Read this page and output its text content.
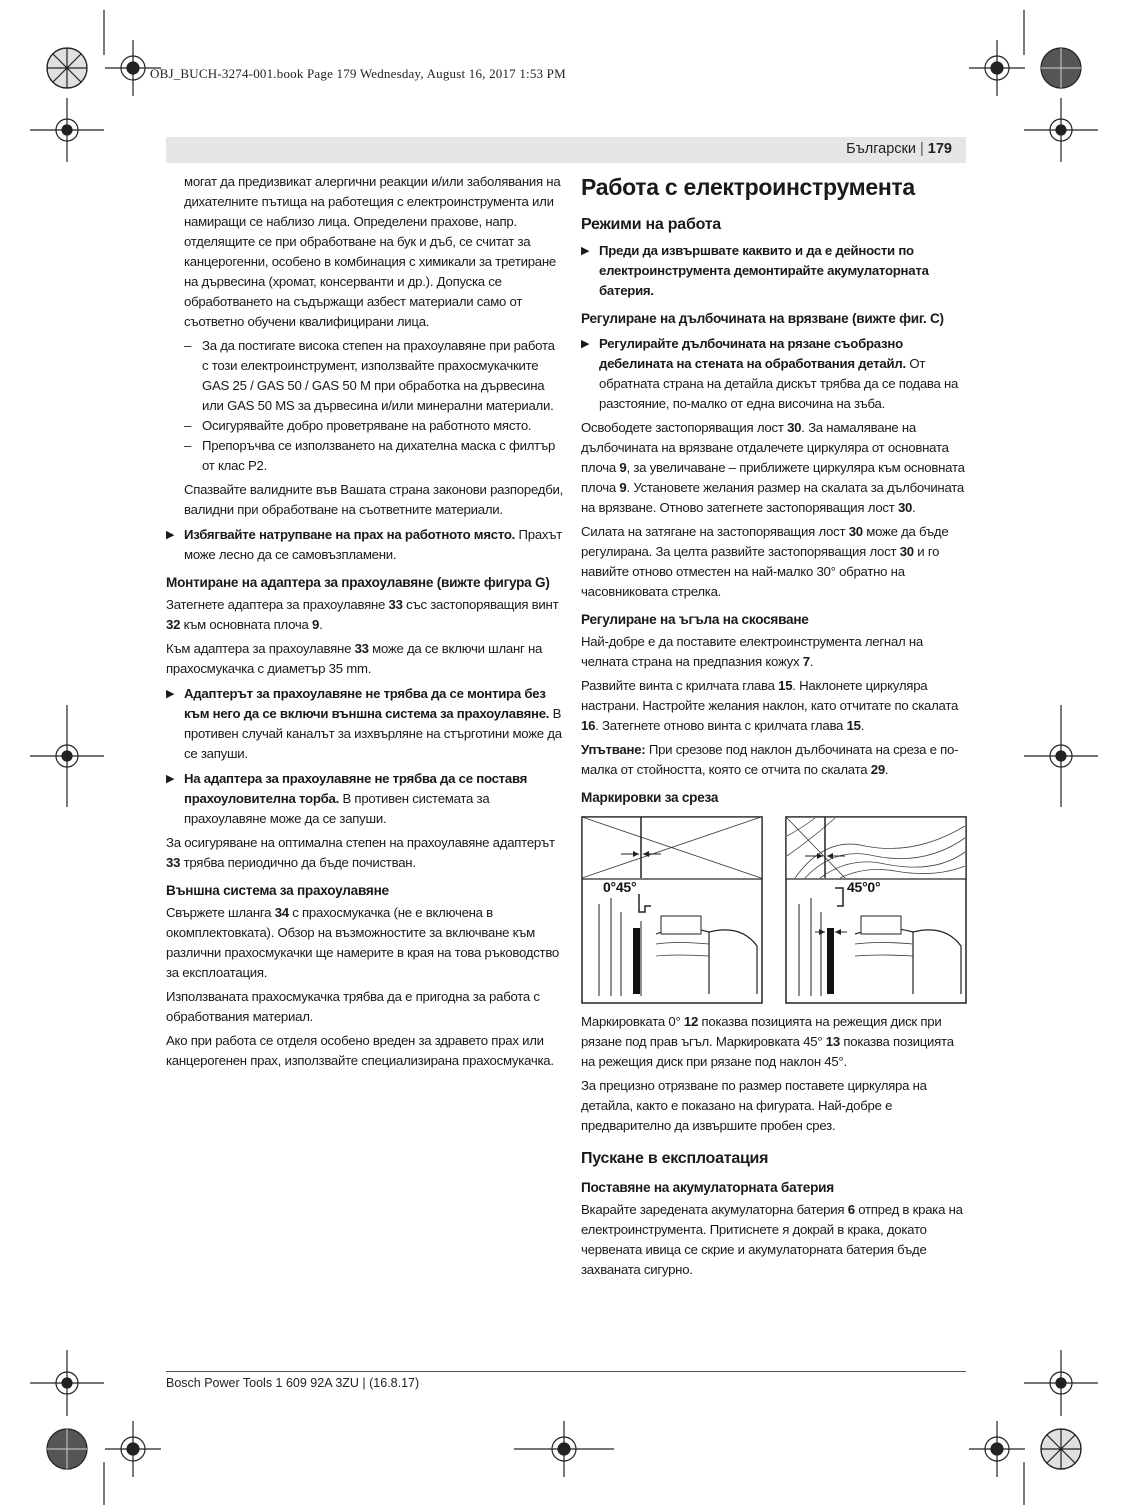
OBJ_BUCH-3274-001.book Page 179 Wednesday, August 16, 2017 1:53 PM
Български | 179

могат да предизвикат алергични реакции и/или заболявания на дихателните пътища на работещия с електроинструмента или намиращи се наблизо лица. Определени прахове, напр. отделящите се при обработване на бук и дъб, се считат за канцерогенни, особено в комбинация с химикали за третиране на дървесина (хромат, консерванти и др.). Допуска се обработването на съдържащи азбест материали само от съответно обучени квалифицирани лица.

– За да постигате висока степен на прахоулавяне при работа с този електроинструмент, използвайте прахосмукачките GAS 25 / GAS 50 / GAS 50 M при обработка на дървесина или GAS 50 MS за дървесина и/или минерални материали.
– Осигурявайте добро проветряване на работното място.
– Препоръчва се използването на дихателна маска с филтър от клас Р2.

Спазвайте валидните във Вашата страна законови разпоредби, валидни при обработване на съответните материали.

▶ Избягвайте натрупване на прах на работното място. Прахът може лесно да се самовъзпламени.
Монтиране на адаптера за прахоулавяне (вижте фигура G)

Затегнете адаптера за прахоулавяне 33 със застопоряващия винт 32 към основната плоча 9.

Към адаптера за прахоулавяне 33 може да се включи шланг на прахосмукачка с диаметър 35 mm.

▶ Адаптерът за прахоулавяне не трябва да се монтира без към него да се включи външна система за прахоулавяне. В противен случай каналът за изхвърляне на стърготини може да се запуши.
▶ На адаптера за прахоулавяне не трябва да се поставя прахоуловителна торба. В противен системата за прахоулавяне може да се запуши.

За осигуряване на оптимална степен на прахоулавяне адаптерът 33 трябва периодично да бъде почистван.

Външна система за прахоулавяне

Свържете шланга 34 с прахосмукачка (не е включена в окомплектовката). Обзор на възможностите за включване към различни прахосмукачки ще намерите в края на това ръководство за експлоатация.

Използваната прахосмукачка трябва да е пригодна за работа с обработвания материал.

Ако при работа се отделя особено вреден за здравето прах или канцерогенен прах, използвайте специализирана прахосмукачка.

Работа с електроинструмента
Режими на работа
▶ Преди да извършвате каквито и да е дейности по електроинструмента демонтирайте акумулаторната батерия.
Регулиране на дълбочината на врязване (вижте фиг. С)
▶ Регулирайте дълбочината на рязане съобразно дебелината на стената на обработвания детайл. От обратната страна на детайла дискът трябва да се подава на разстояние, по-малко от една височина на зъба.

Освободете застопоряващия лост 30. За намаляване на дълбочината на врязване отдалечете циркуляра от основната плоча 9, за увеличаване – приближете циркуляра към основната плоча 9. Установете желания размер на скалата за дълбочината на врязване. Отново затегнете застопоряващия лост 30.

Силата на затягане на застопоряващия лост 30 може да бъде регулирана. За целта развийте застопоряващия лост 30 и го навийте отново отместен на най-малко 30° обратно на часовниковата стрелка.

Регулиране на ъгъла на скосяване

Най-добре е да поставите електроинструмента легнал на челната страна на предпазния кожух 7.

Развийте винта с крилчата глава 15. Наклонете циркуляра настрани. Настройте желания наклон, като отчитате по скалата 16. Затегнете отново винта с крилчата глава 15.

Упътване: При срезове под наклон дълбочината на среза е по-малка от стойността, която се отчита по скалата 29.

Маркировки за среза
0°45°	45°0°

Маркировката 0° 12 показва позицията на режещия диск при рязане под прав ъгъл. Маркировката 45° 13 показва позицията на режещия диск при рязане под наклон 45°.

За прецизно отрязване по размер поставете циркуляра на детайла, както е показано на фигурата. Най-добре е предварително да извършите пробен срез.

Пускане в експлоатация
Поставяне на акумулаторната батерия

Вкарайте заредената акумулаторна батерия 6 отпред в крака на електроинструмента. Притиснете я докрай в крака, докато червената ивица се скрие и акумулаторната батерия бъде захваната сигурно.

Bosch Power Tools 1 609 92A 3ZU | (16.8.17)
